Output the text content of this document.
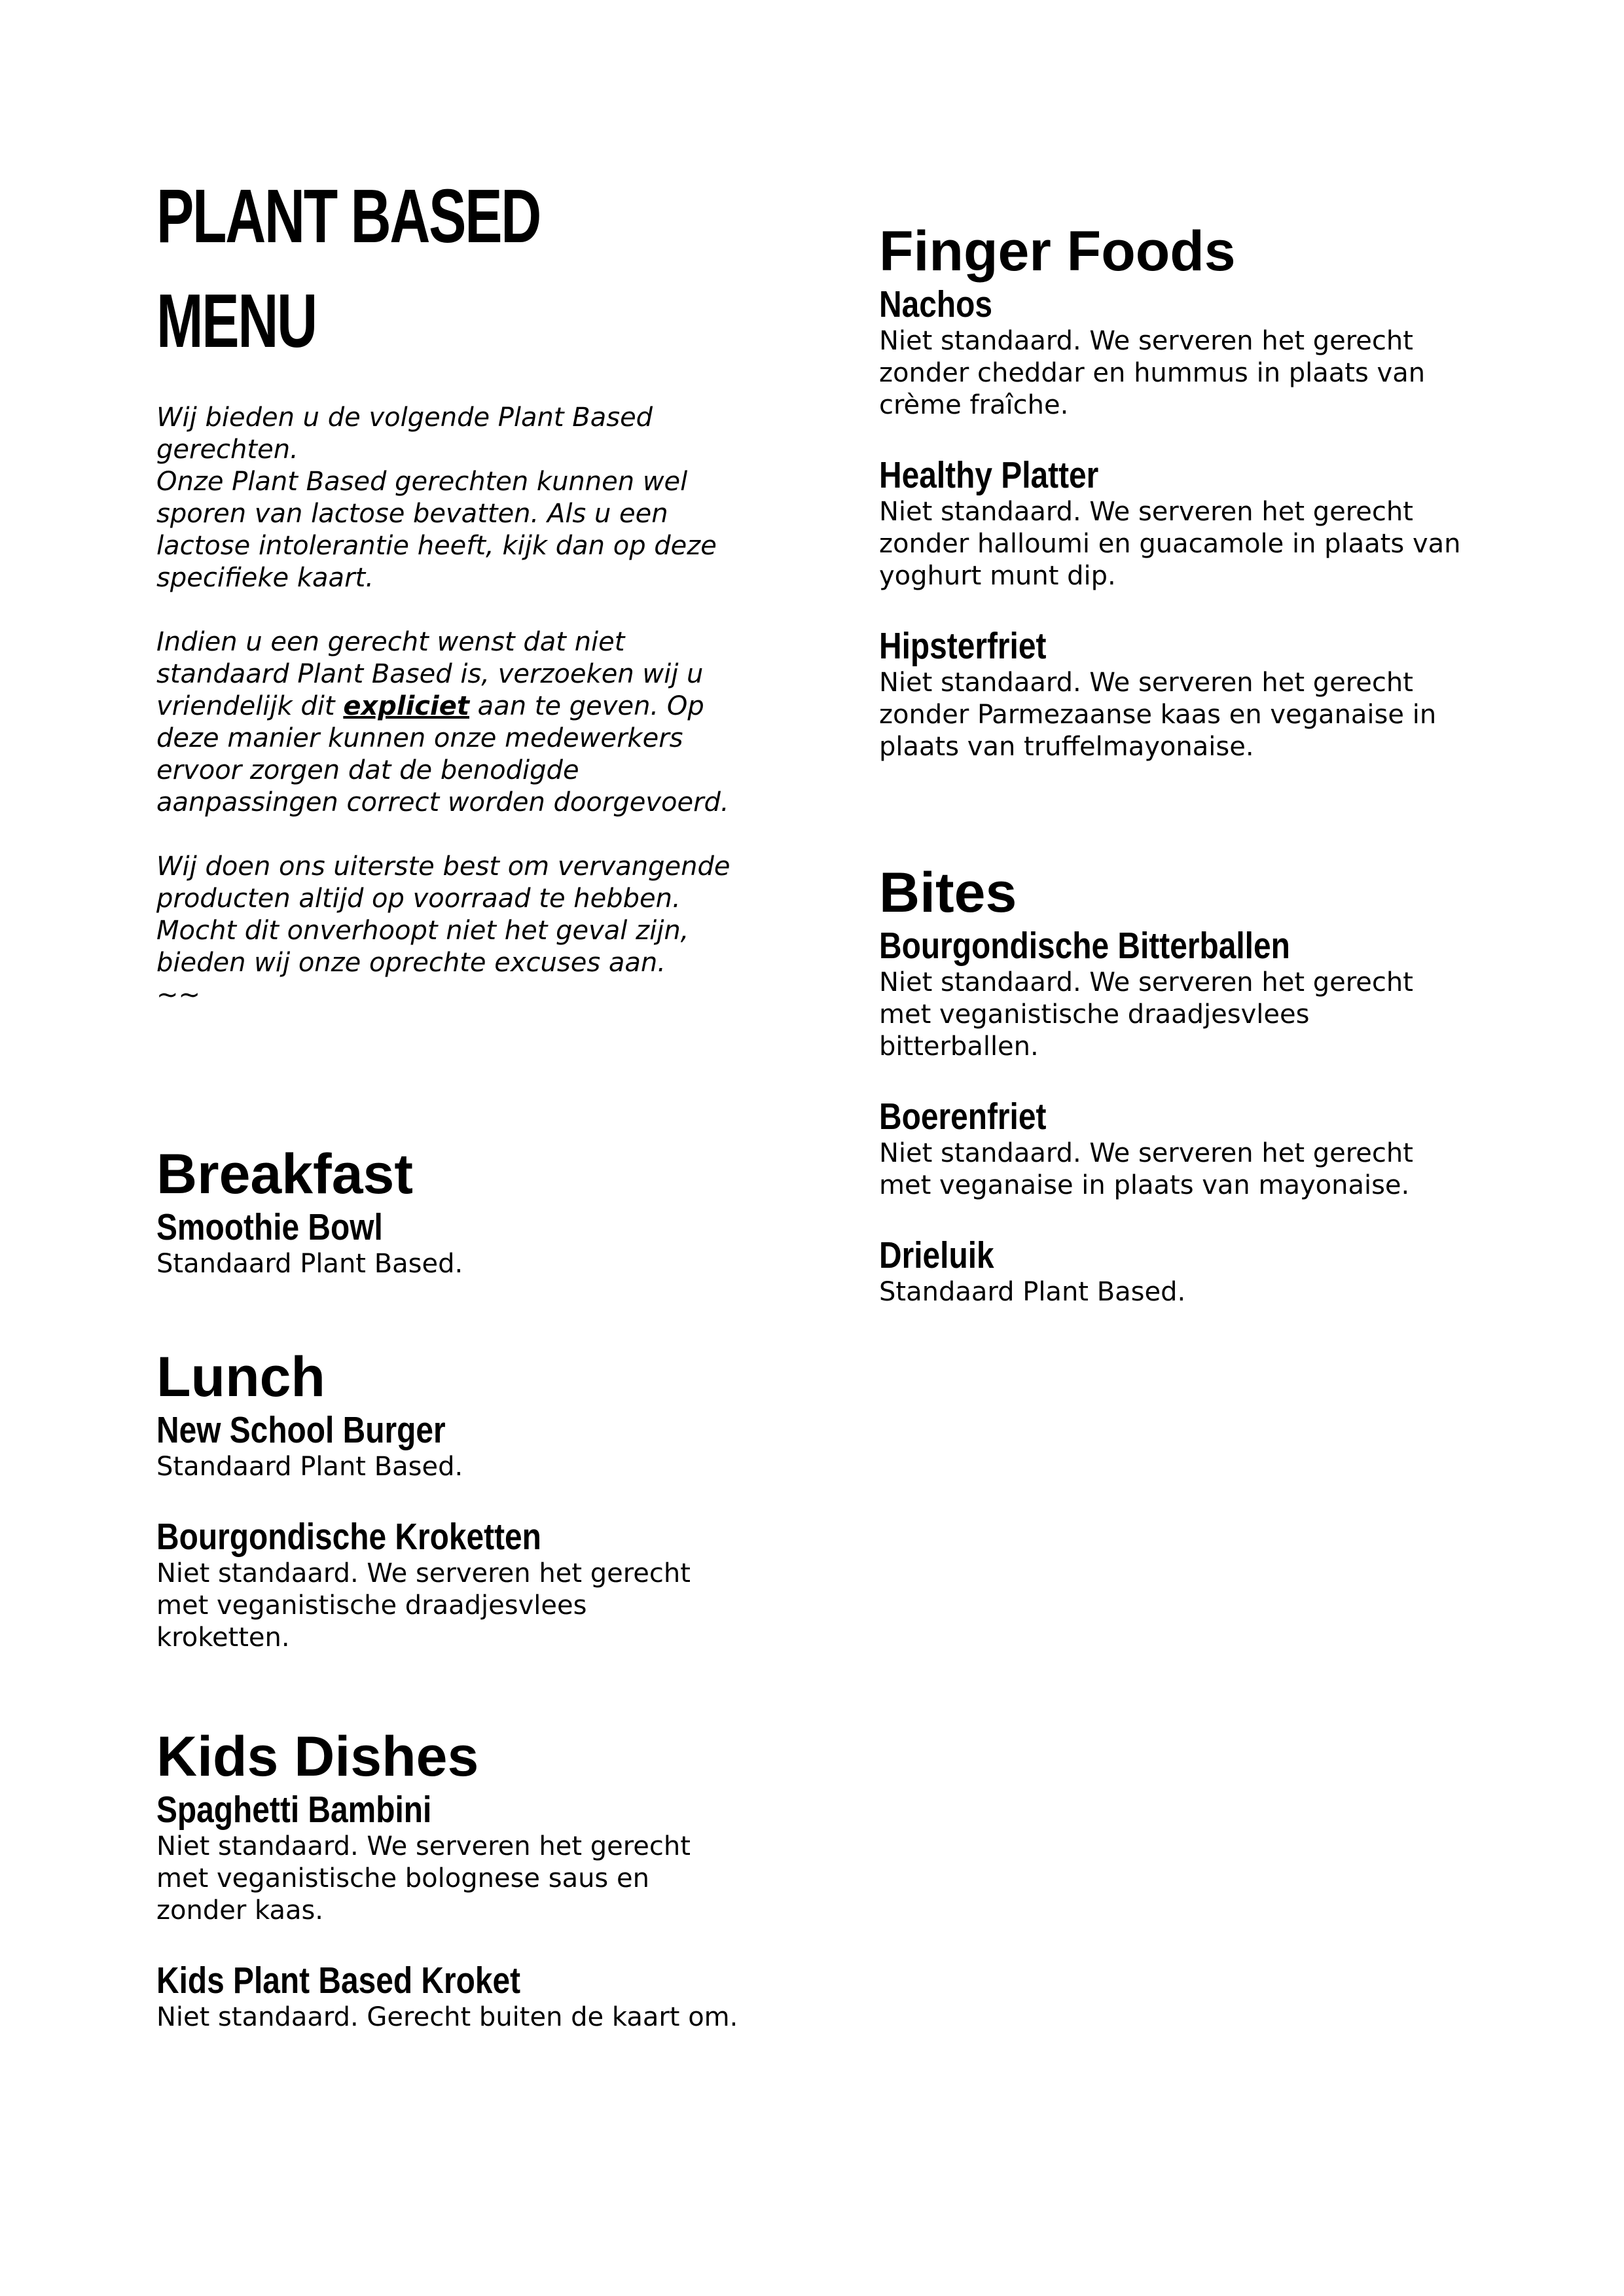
PLANT BASED
MENU

Wij bieden u de volgende Plant Based gerechten.

Onze Plant Based gerechten kunnen wel sporen van lactose bevatten. Als u een lactose intolerantie heeft, kijk dan op deze specifieke kaart.

Indien u een gerecht wenst dat niet standaard Plant Based is, verzoeken wij u vriendelijk dit expliciet aan te geven. Op deze manier kunnen onze medewerkers ervoor zorgen dat de benodigde aanpassingen correct worden doorgevoerd.

Wij doen ons uiterste best om vervangende producten altijd op voorraad te hebben. Mocht dit onverhoopt niet het geval zijn, bieden wij onze oprechte excuses aan.

~~

Breakfast
Smoothie Bowl

Standaard Plant Based.

Lunch
New School Burger

Standaard Plant Based.

Bourgondische Kroketten

Niet standaard. We serveren het gerecht met veganistische draadjesvlees kroketten.

Kids Dishes
Spaghetti Bambini

Niet standaard. We serveren het gerecht met veganistische bolognese saus en zonder kaas.

Kids Plant Based Kroket

Niet standaard. Gerecht buiten de kaart om.

Finger Foods
Nachos

Niet standaard. We serveren het gerecht zonder cheddar en hummus in plaats van crème fraîche.

Healthy Platter

Niet standaard. We serveren het gerecht zonder halloumi en guacamole in plaats van yoghurt munt dip.

Hipsterfriet

Niet standaard. We serveren het gerecht zonder Parmezaanse kaas en veganaise in plaats van truffelmayonaise.

Bites
Bourgondische Bitterballen

Niet standaard. We serveren het gerecht met veganistische draadjesvlees bitterballen.

Boerenfriet

Niet standaard. We serveren het gerecht met veganaise in plaats van mayonaise.

Drieluik

Standaard Plant Based.
